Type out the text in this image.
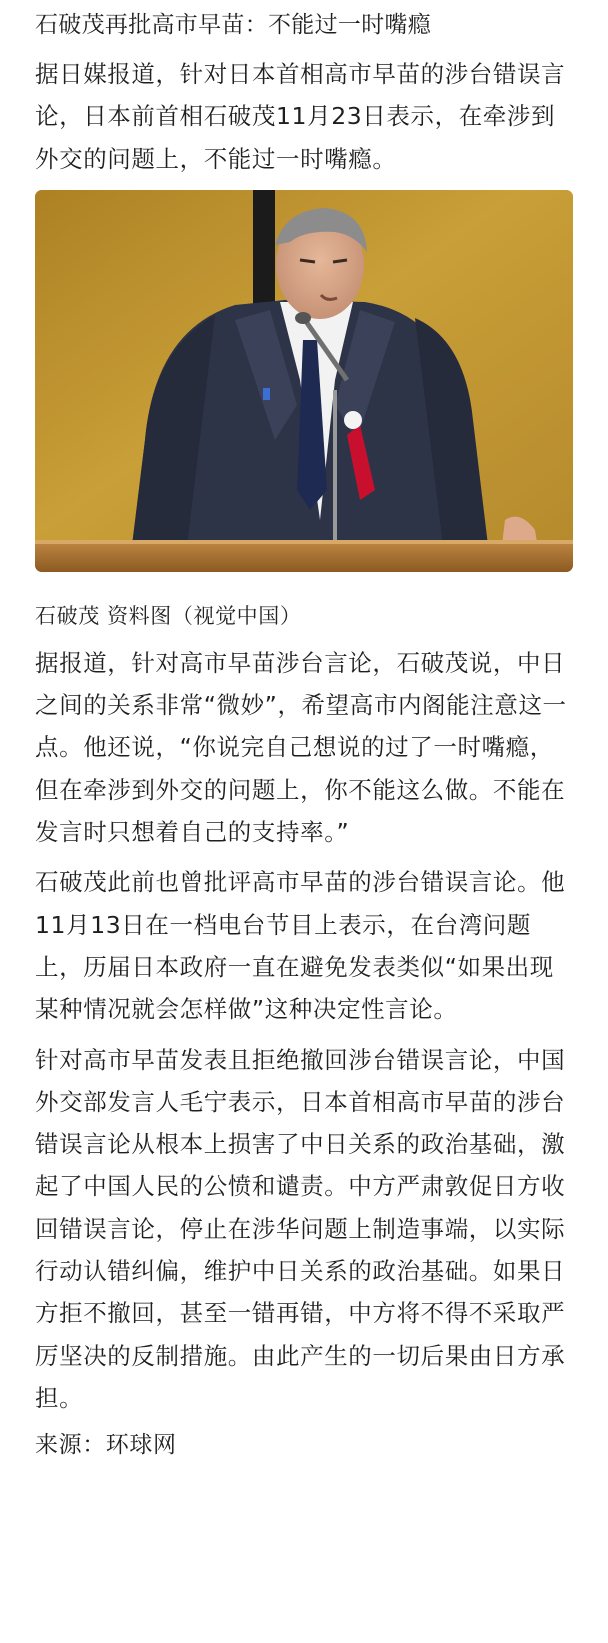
石破茂再批高市早苗：不能过一时嘴瘾

据日媒报道，针对日本首相高市早苗的涉台错误言论，日本前首相石破茂11月23日表示，在牵涉到外交的问题上，不能过一时嘴瘾。

石破茂 资料图（视觉中国）

据报道，针对高市早苗涉台言论，石破茂说，中日之间的关系非常“微妙”，希望高市内阁能注意这一点。他还说，“你说完自己想说的过了一时嘴瘾，但在牵涉到外交的问题上，你不能这么做。不能在发言时只想着自己的支持率。”

石破茂此前也曾批评高市早苗的涉台错误言论。他11月13日在一档电台节目上表示，在台湾问题上，历届日本政府一直在避免发表类似“如果出现某种情况就会怎样做”这种决定性言论。

针对高市早苗发表且拒绝撤回涉台错误言论，中国外交部发言人毛宁表示，日本首相高市早苗的涉台错误言论从根本上损害了中日关系的政治基础，激起了中国人民的公愤和谴责。中方严肃敦促日方收回错误言论，停止在涉华问题上制造事端，以实际行动认错纠偏，维护中日关系的政治基础。如果日方拒不撤回，甚至一错再错，中方将不得不采取严厉坚决的反制措施。由此产生的一切后果由日方承担。

来源：环球网
